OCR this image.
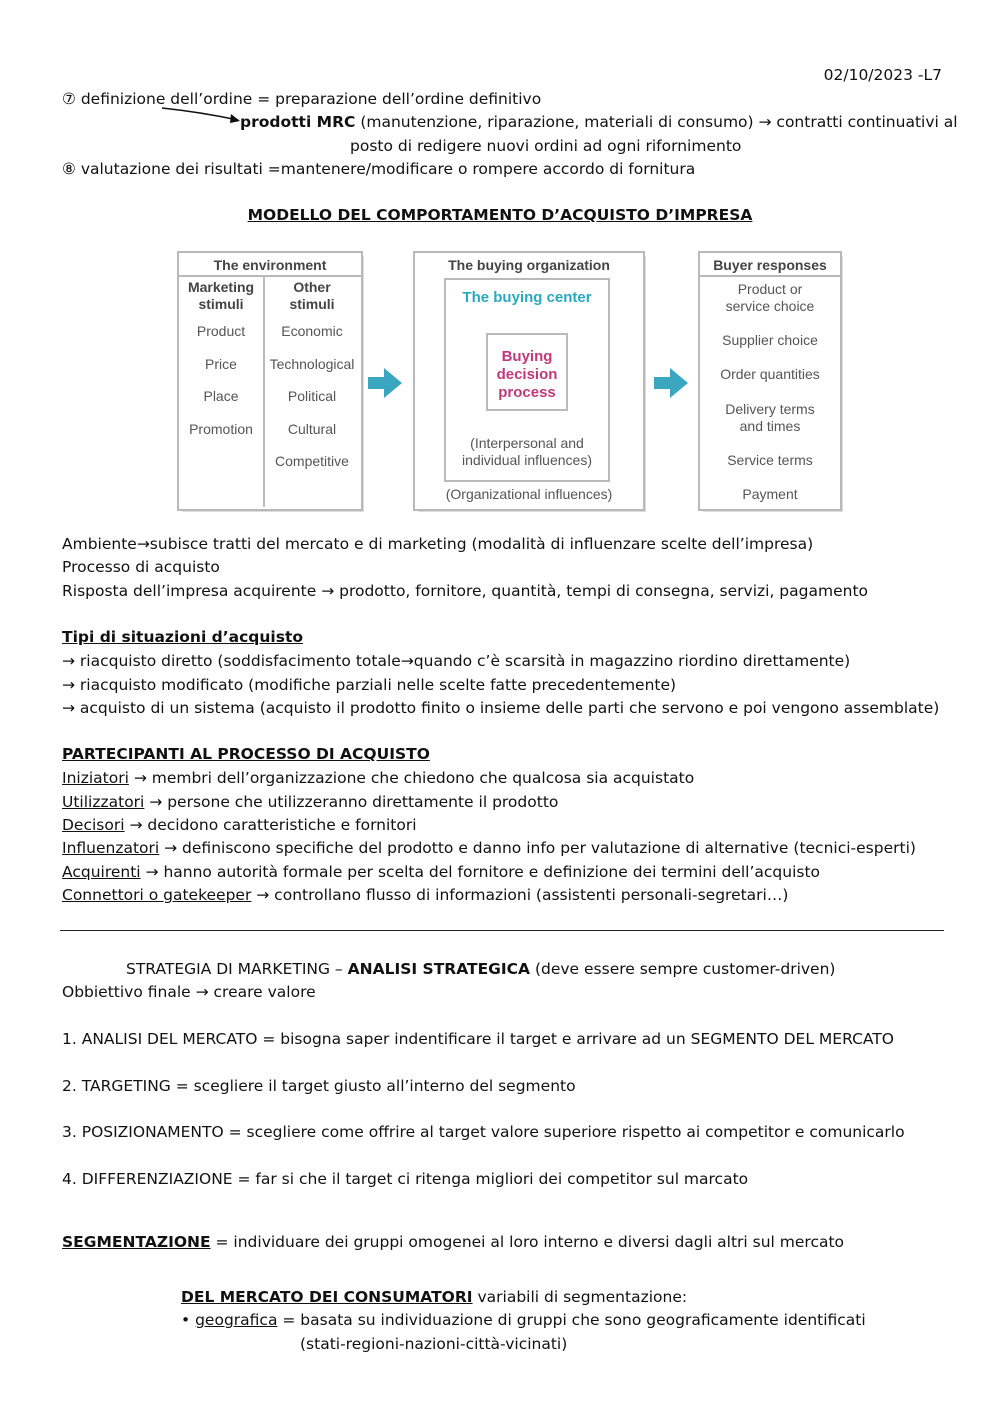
02/10/2023 -L7
⑦ definizione dell’ordine = preparazione dell’ordine definitivo
prodotti MRC (manutenzione, riparazione, materiali di consumo) → contratti continuativi al
posto di redigere nuovi ordini ad ogni rifornimento
⑧ valutazione dei risultati =mantenere/modificare o rompere accordo di fornitura
MODELLO DEL COMPORTAMENTO D’ACQUISTO D’IMPRESA
The environment
Marketing
stimuli
Other
stimuli
Product
Price
Place
Promotion
Economic
Technological
Political
Cultural
Competitive
The buying organization
The buying center
Buying
decision
process
(Interpersonal and
individual influences)
(Organizational influences)
Buyer responses
Product or
service choice
Supplier choice
Order quantities
Delivery terms
and times
Service terms
Payment
Ambiente→subisce tratti del mercato e di marketing (modalità di influenzare scelte dell’impresa)
Processo di acquisto
Risposta dell’impresa acquirente → prodotto, fornitore, quantità, tempi di consegna, servizi, pagamento
Tipi di situazioni d’acquisto
→ riacquisto diretto (soddisfacimento totale→quando c’è scarsità in magazzino riordino direttamente)
→ riacquisto modificato (modifiche parziali nelle scelte fatte precedentemente)
→ acquisto di un sistema (acquisto il prodotto finito o insieme delle parti che servono e poi vengono assemblate)
PARTECIPANTI AL PROCESSO DI ACQUISTO
Iniziatori → membri dell’organizzazione che chiedono che qualcosa sia acquistato
Utilizzatori → persone che utilizzeranno direttamente il prodotto
Decisori → decidono caratteristiche e fornitori
Influenzatori → definiscono specifiche del prodotto e danno info per valutazione di alternative (tecnici-esperti)
Acquirenti → hanno autorità formale per scelta del fornitore e definizione dei termini dell’acquisto
Connettori o gatekeeper → controllano flusso di informazioni (assistenti personali-segretari…)
STRATEGIA DI MARKETING – ANALISI STRATEGICA (deve essere sempre customer-driven)
Obbiettivo finale → creare valore
1. ANALISI DEL MERCATO = bisogna saper indentificare il target e arrivare ad un SEGMENTO DEL MERCATO
2. TARGETING = scegliere il target giusto all’interno del segmento
3. POSIZIONAMENTO = scegliere come offrire al target valore superiore rispetto ai competitor e comunicarlo
4. DIFFERENZIAZIONE = far si che il target ci ritenga migliori dei competitor sul marcato
SEGMENTAZIONE = individuare dei gruppi omogenei al loro interno e diversi dagli altri sul mercato
DEL MERCATO DEI CONSUMATORI variabili di segmentazione:
• geografica = basata su individuazione di gruppi che sono geograficamente identificati
(stati-regioni-nazioni-città-vicinati)
